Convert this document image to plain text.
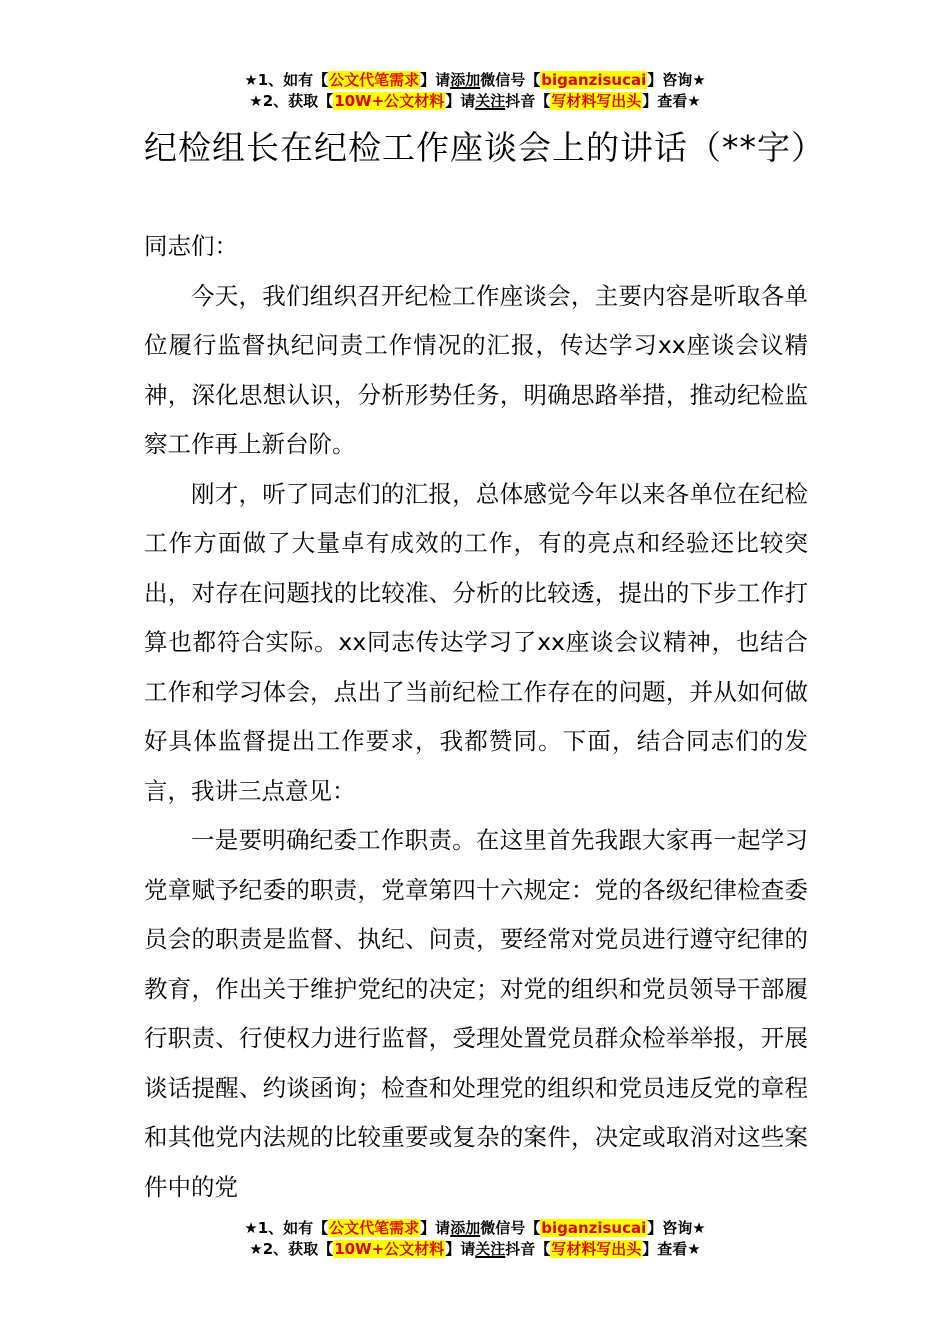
★1、如有【公文代笔需求】请添加微信号【biganzisucai】咨询★
★2、获取【10W+公文材料】请关注抖音【写材料写出头】查看★
纪检组长在纪检工作座谈会上的讲话（**字）

同志们：

今天，我们组织召开纪检工作座谈会，主要内容是听取各单位履行监督执纪问责工作情况的汇报，传达学习xx座谈会议精神，深化思想认识，分析形势任务，明确思路举措，推动纪检监察工作再上新台阶。

刚才，听了同志们的汇报，总体感觉今年以来各单位在纪检工作方面做了大量卓有成效的工作，有的亮点和经验还比较突出，对存在问题找的比较准、分析的比较透，提出的下步工作打算也都符合实际。xx同志传达学习了xx座谈会议精神，也结合工作和学习体会，点出了当前纪检工作存在的问题，并从如何做好具体监督提出工作要求，我都赞同。下面，结合同志们的发言，我讲三点意见：

一是要明确纪委工作职责。在这里首先我跟大家再一起学习党章赋予纪委的职责，党章第四十六规定：党的各级纪律检查委员会的职责是监督、执纪、问责，要经常对党员进行遵守纪律的教育，作出关于维护党纪的决定；对党的组织和党员领导干部履行职责、行使权力进行监督，受理处置党员群众检举举报，开展谈话提醒、约谈函询；检查和处理党的组织和党员违反党的章程和其他党内法规的比较重要或复杂的案件，决定或取消对这些案件中的党

★1、如有【公文代笔需求】请添加微信号【biganzisucai】咨询★
★2、获取【10W+公文材料】请关注抖音【写材料写出头】查看★
